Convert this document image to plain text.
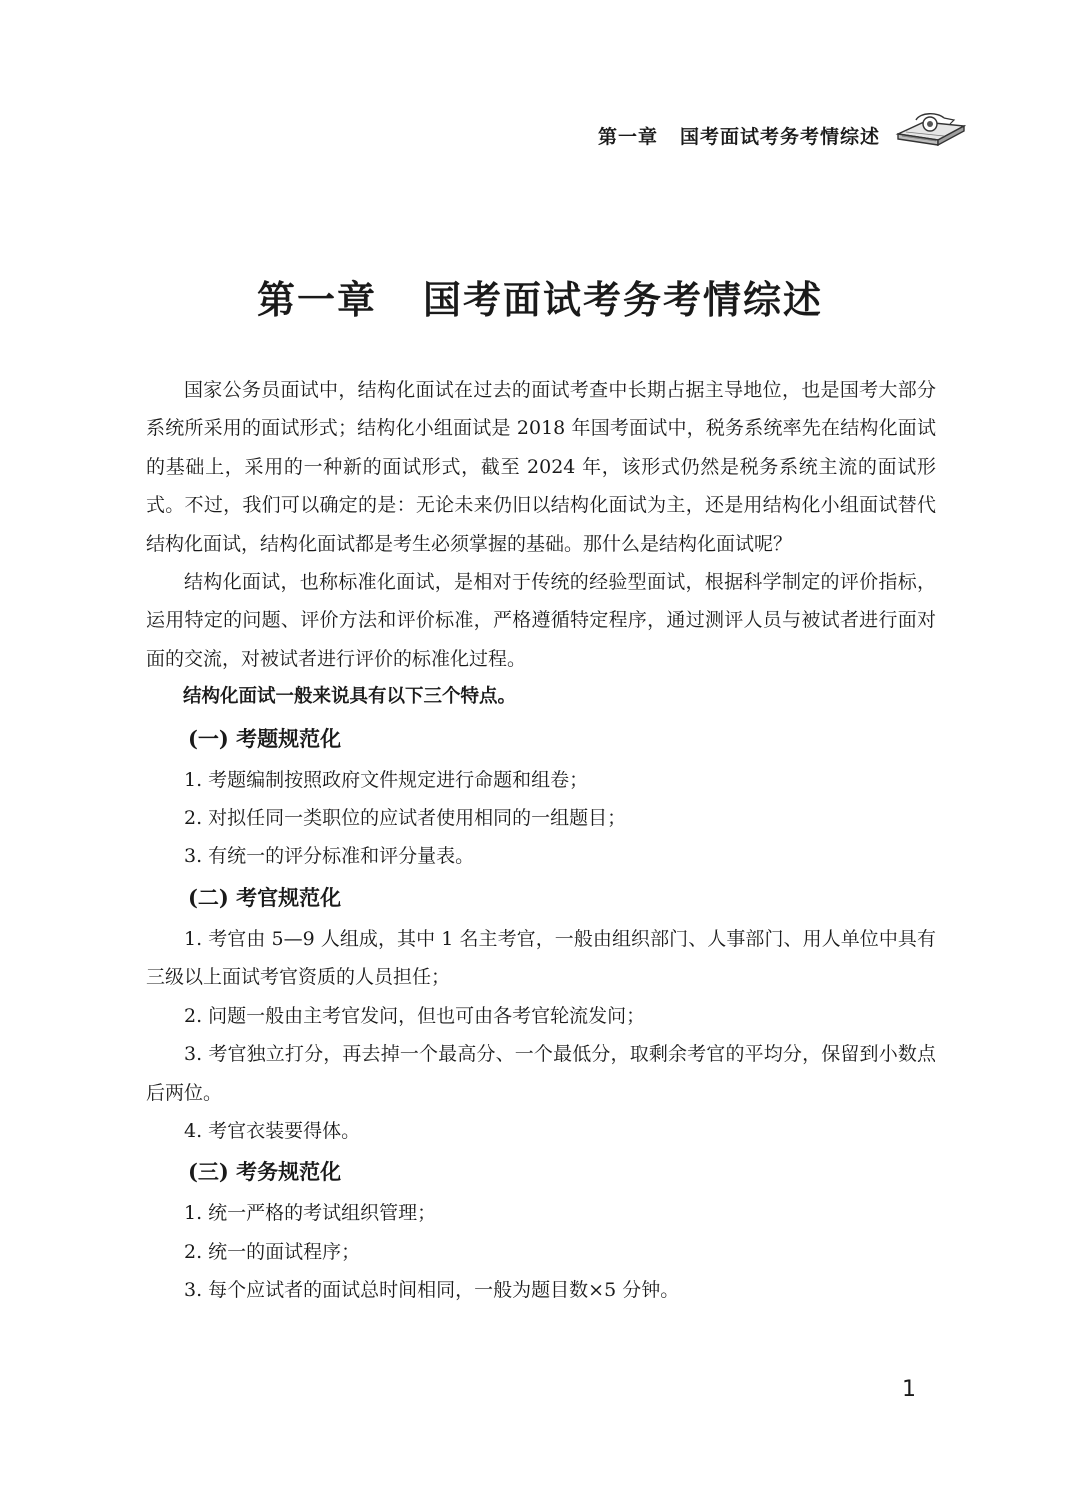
第一章 国考面试考务考情综述
第一章 国考面试考务考情综述

国家公务员面试中，结构化面试在过去的面试考查中长期占据主导地位，也是国考大部分系统所采用的面试形式；结构化小组面试是 2018 年国考面试中，税务系统率先在结构化面试的基础上，采用的一种新的面试形式，截至 2024 年，该形式仍然是税务系统主流的面试形式。不过，我们可以确定的是：无论未来仍旧以结构化面试为主，还是用结构化小组面试替代结构化面试，结构化面试都是考生必须掌握的基础。那什么是结构化面试呢？

结构化面试，也称标准化面试，是相对于传统的经验型面试，根据科学制定的评价指标，运用特定的问题、评价方法和评价标准，严格遵循特定程序，通过测评人员与被试者进行面对面的交流，对被试者进行评价的标准化过程。

结构化面试一般来说具有以下三个特点。

(一) 考题规范化

1. 考题编制按照政府文件规定进行命题和组卷；

2. 对拟任同一类职位的应试者使用相同的一组题目；

3. 有统一的评分标准和评分量表。

(二) 考官规范化

1. 考官由 5—9 人组成，其中 1 名主考官，一般由组织部门、人事部门、用人单位中具有三级以上面试考官资质的人员担任；

2. 问题一般由主考官发问，但也可由各考官轮流发问；

3. 考官独立打分，再去掉一个最高分、一个最低分，取剩余考官的平均分，保留到小数点后两位。

4. 考官衣装要得体。

(三) 考务规范化

1. 统一严格的考试组织管理；

2. 统一的面试程序；

3. 每个应试者的面试总时间相同，一般为题目数×5 分钟。

1
